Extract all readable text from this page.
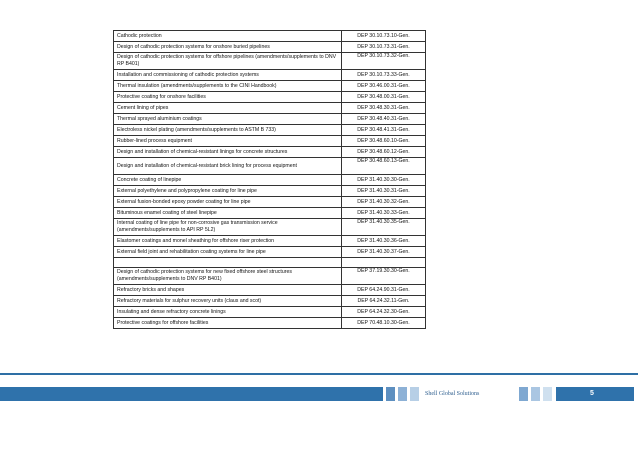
Cathodic protection	DEP 30.10.73.10-Gen.
Design of cathodic protection systems for onshore buried pipelines	DEP 30.10.73.31-Gen.
Design of cathodic protection systems for offshore pipelines (amendments/supplements to DNV RP B401)	DEP 30.10.73.32-Gen.
Installation and commissioning of cathodic protection systems	DEP 30.10.73.33-Gen.
Thermal insulation (amendments/supplements to the CINI Handbook)	DEP 30.46.00.31-Gen.
Protective coating for onshore facilities	DEP 30.48.00.31-Gen.
Cement lining of pipes	DEP 30.48.30.31-Gen.
Thermal sprayed aluminium coatings	DEP 30.48.40.31-Gen.
Electroless nickel plating (amendments/supplements to ASTM B 733)	DEP 30.48.41.31-Gen.
Rubber-lined process equipment	DEP 30.48.60.10-Gen.
Design and installation of chemical-resistant linings for concrete structures	DEP 30.48.60.12-Gen.
Design and installation of chemical-resistant brick lining for process equipment	DEP 30.48.60.13-Gen.
Concrete coating of linepipe	DEP 31.40.30.30-Gen.
External polyethylene and polypropylene coating for line pipe	DEP 31.40.30.31-Gen.
External fusion-bonded epoxy powder coating for line pipe	DEP 31.40.30.32-Gen.
Bituminous enamel coating of steel linepipe	DEP 31.40.30.33-Gen.
Internal coating of line pipe for non-corrosive gas transmission service (amendments/supplements to API RP 5L2)	DEP 31.40.30.35-Gen.
Elastomer coatings and monel sheathing for offshore riser protection	DEP 31.40.30.36-Gen.
External field joint and rehabilitation coating systems for line pipe	DEP 31.40.30.37-Gen.

Design of cathodic protection systems for new fixed offshore steel structures (amendments/supplements to DNV RP B401)	DEP 37.19.30.30-Gen.
Refractory bricks and shapes	DEP 64.24.90.31-Gen.
Refractory materials for sulphur recovery units (claus and scot)	DEP 64.24.32.11-Gen.
Insulating and dense refractory concrete linings	DEP 64.24.32.30-Gen.
Protective coatings for offshore facilities	DEP 70.48.10.30-Gen.
Shell Global Solutions	5
